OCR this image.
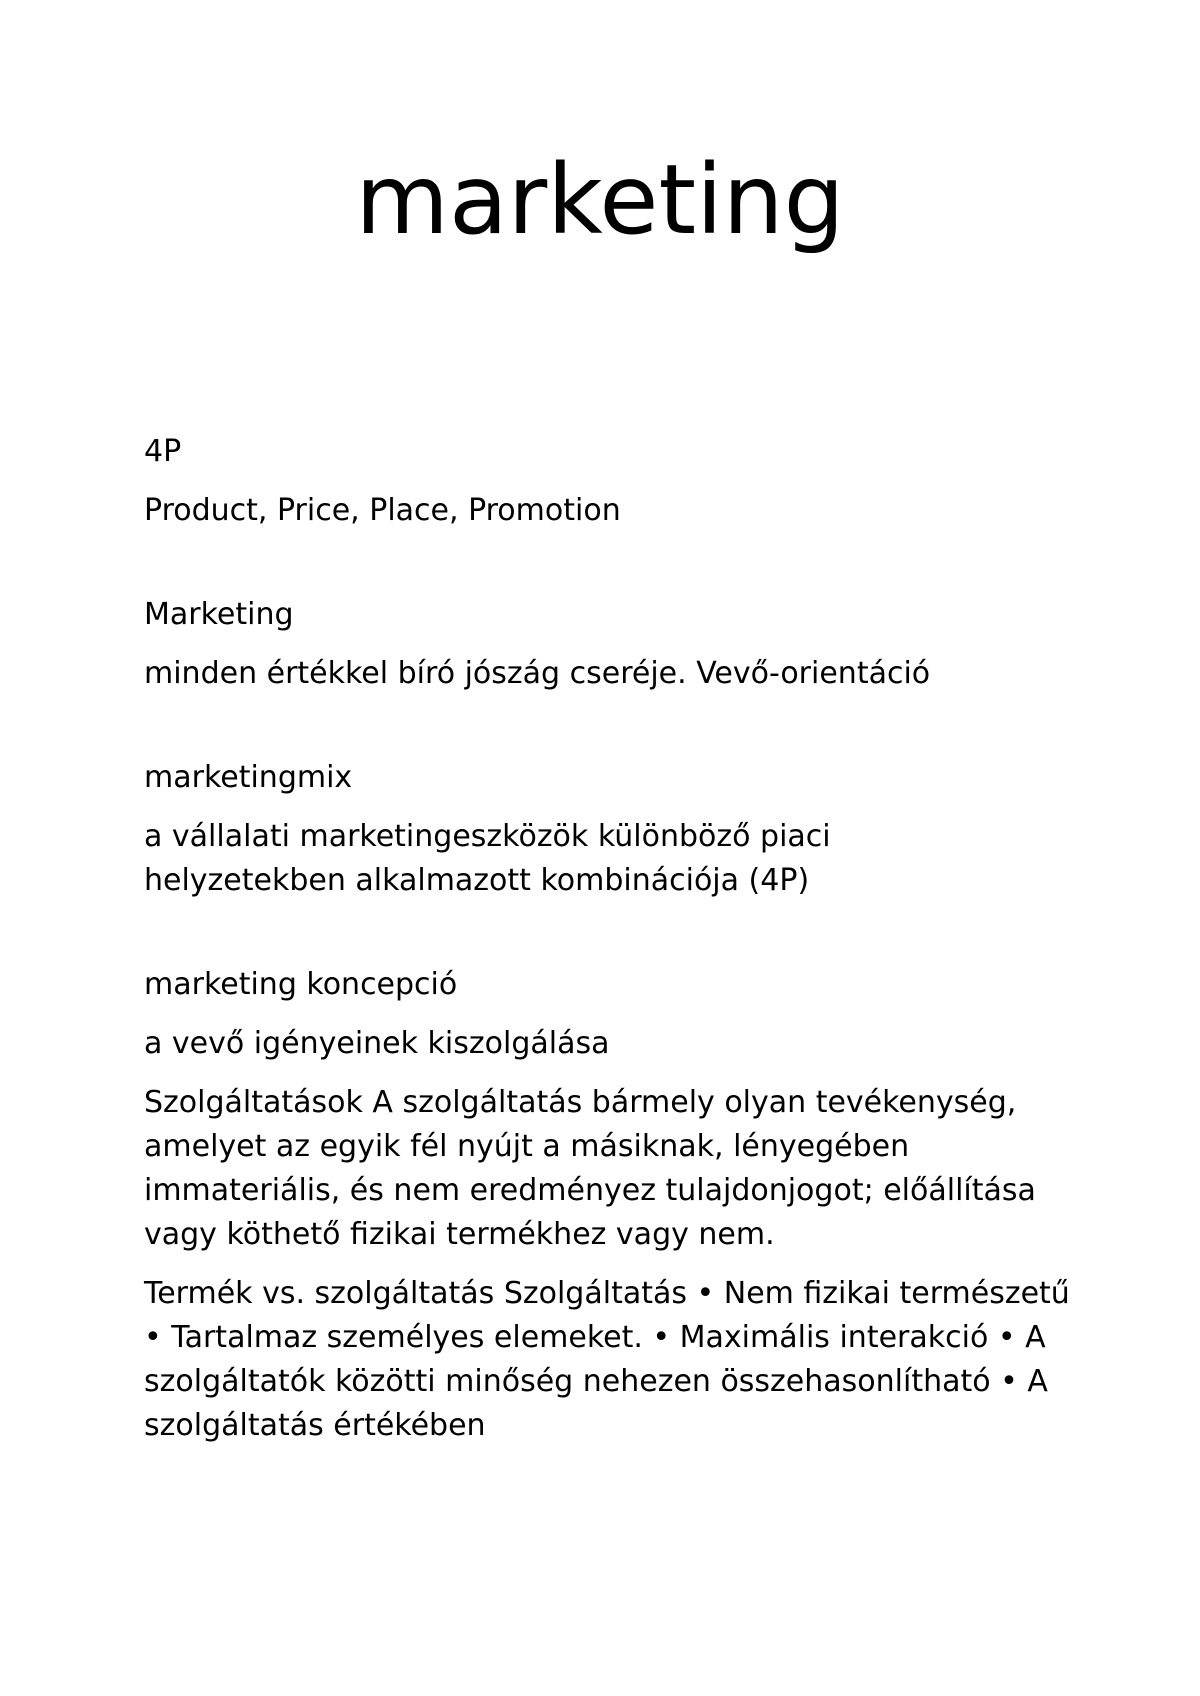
marketing

4P

Product, Price, Place, Promotion

Marketing

minden értékkel bíró jószág cseréje. Vevő-orientáció

marketingmix

a vállalati marketingeszközök különböző piaci helyzetekben alkalmazott kombinációja (4P)

marketing koncepció

a vevő igényeinek kiszolgálása

Szolgáltatások A szolgáltatás bármely olyan tevékenység, amelyet az egyik fél nyújt a másiknak, lényegében immateriális, és nem eredményez tulajdonjogot; előállítása vagy köthető fizikai termékhez vagy nem.

Termék vs. szolgáltatás Szolgáltatás • Nem fizikai természetű • Tartalmaz személyes elemeket. • Maximális interakció • A szolgáltatók közötti minőség nehezen összehasonlítható • A szolgáltatás értékében
